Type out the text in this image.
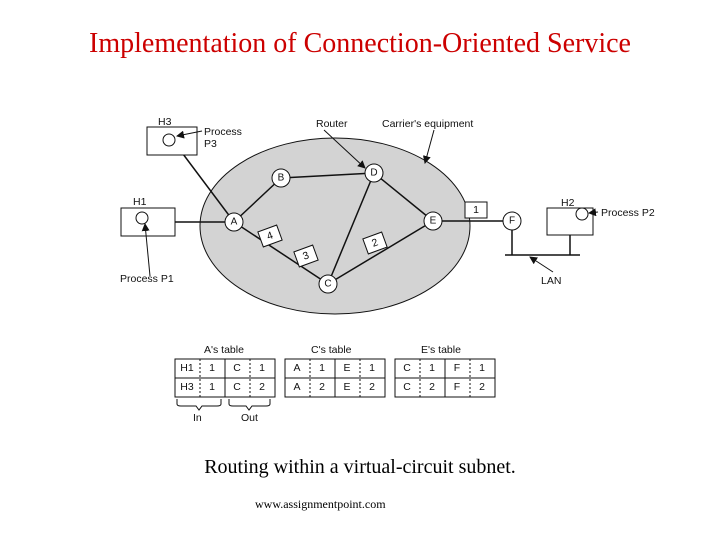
Implementation of Connection-Oriented Service
H3
H1	H2
Process
P3
Router	Carrier's equipment
Process P1
Process P2
LAN
1
4
3
2
A
B
C
D
E	F
A's table
H1 1 C 1
H3 1 C 2
In	Out
C's table
A 1 E 1
A 2 E 2
E's table
C 1 F 1
C 2 F 2
Routing within a virtual-circuit subnet.
www.assignmentpoint.com
